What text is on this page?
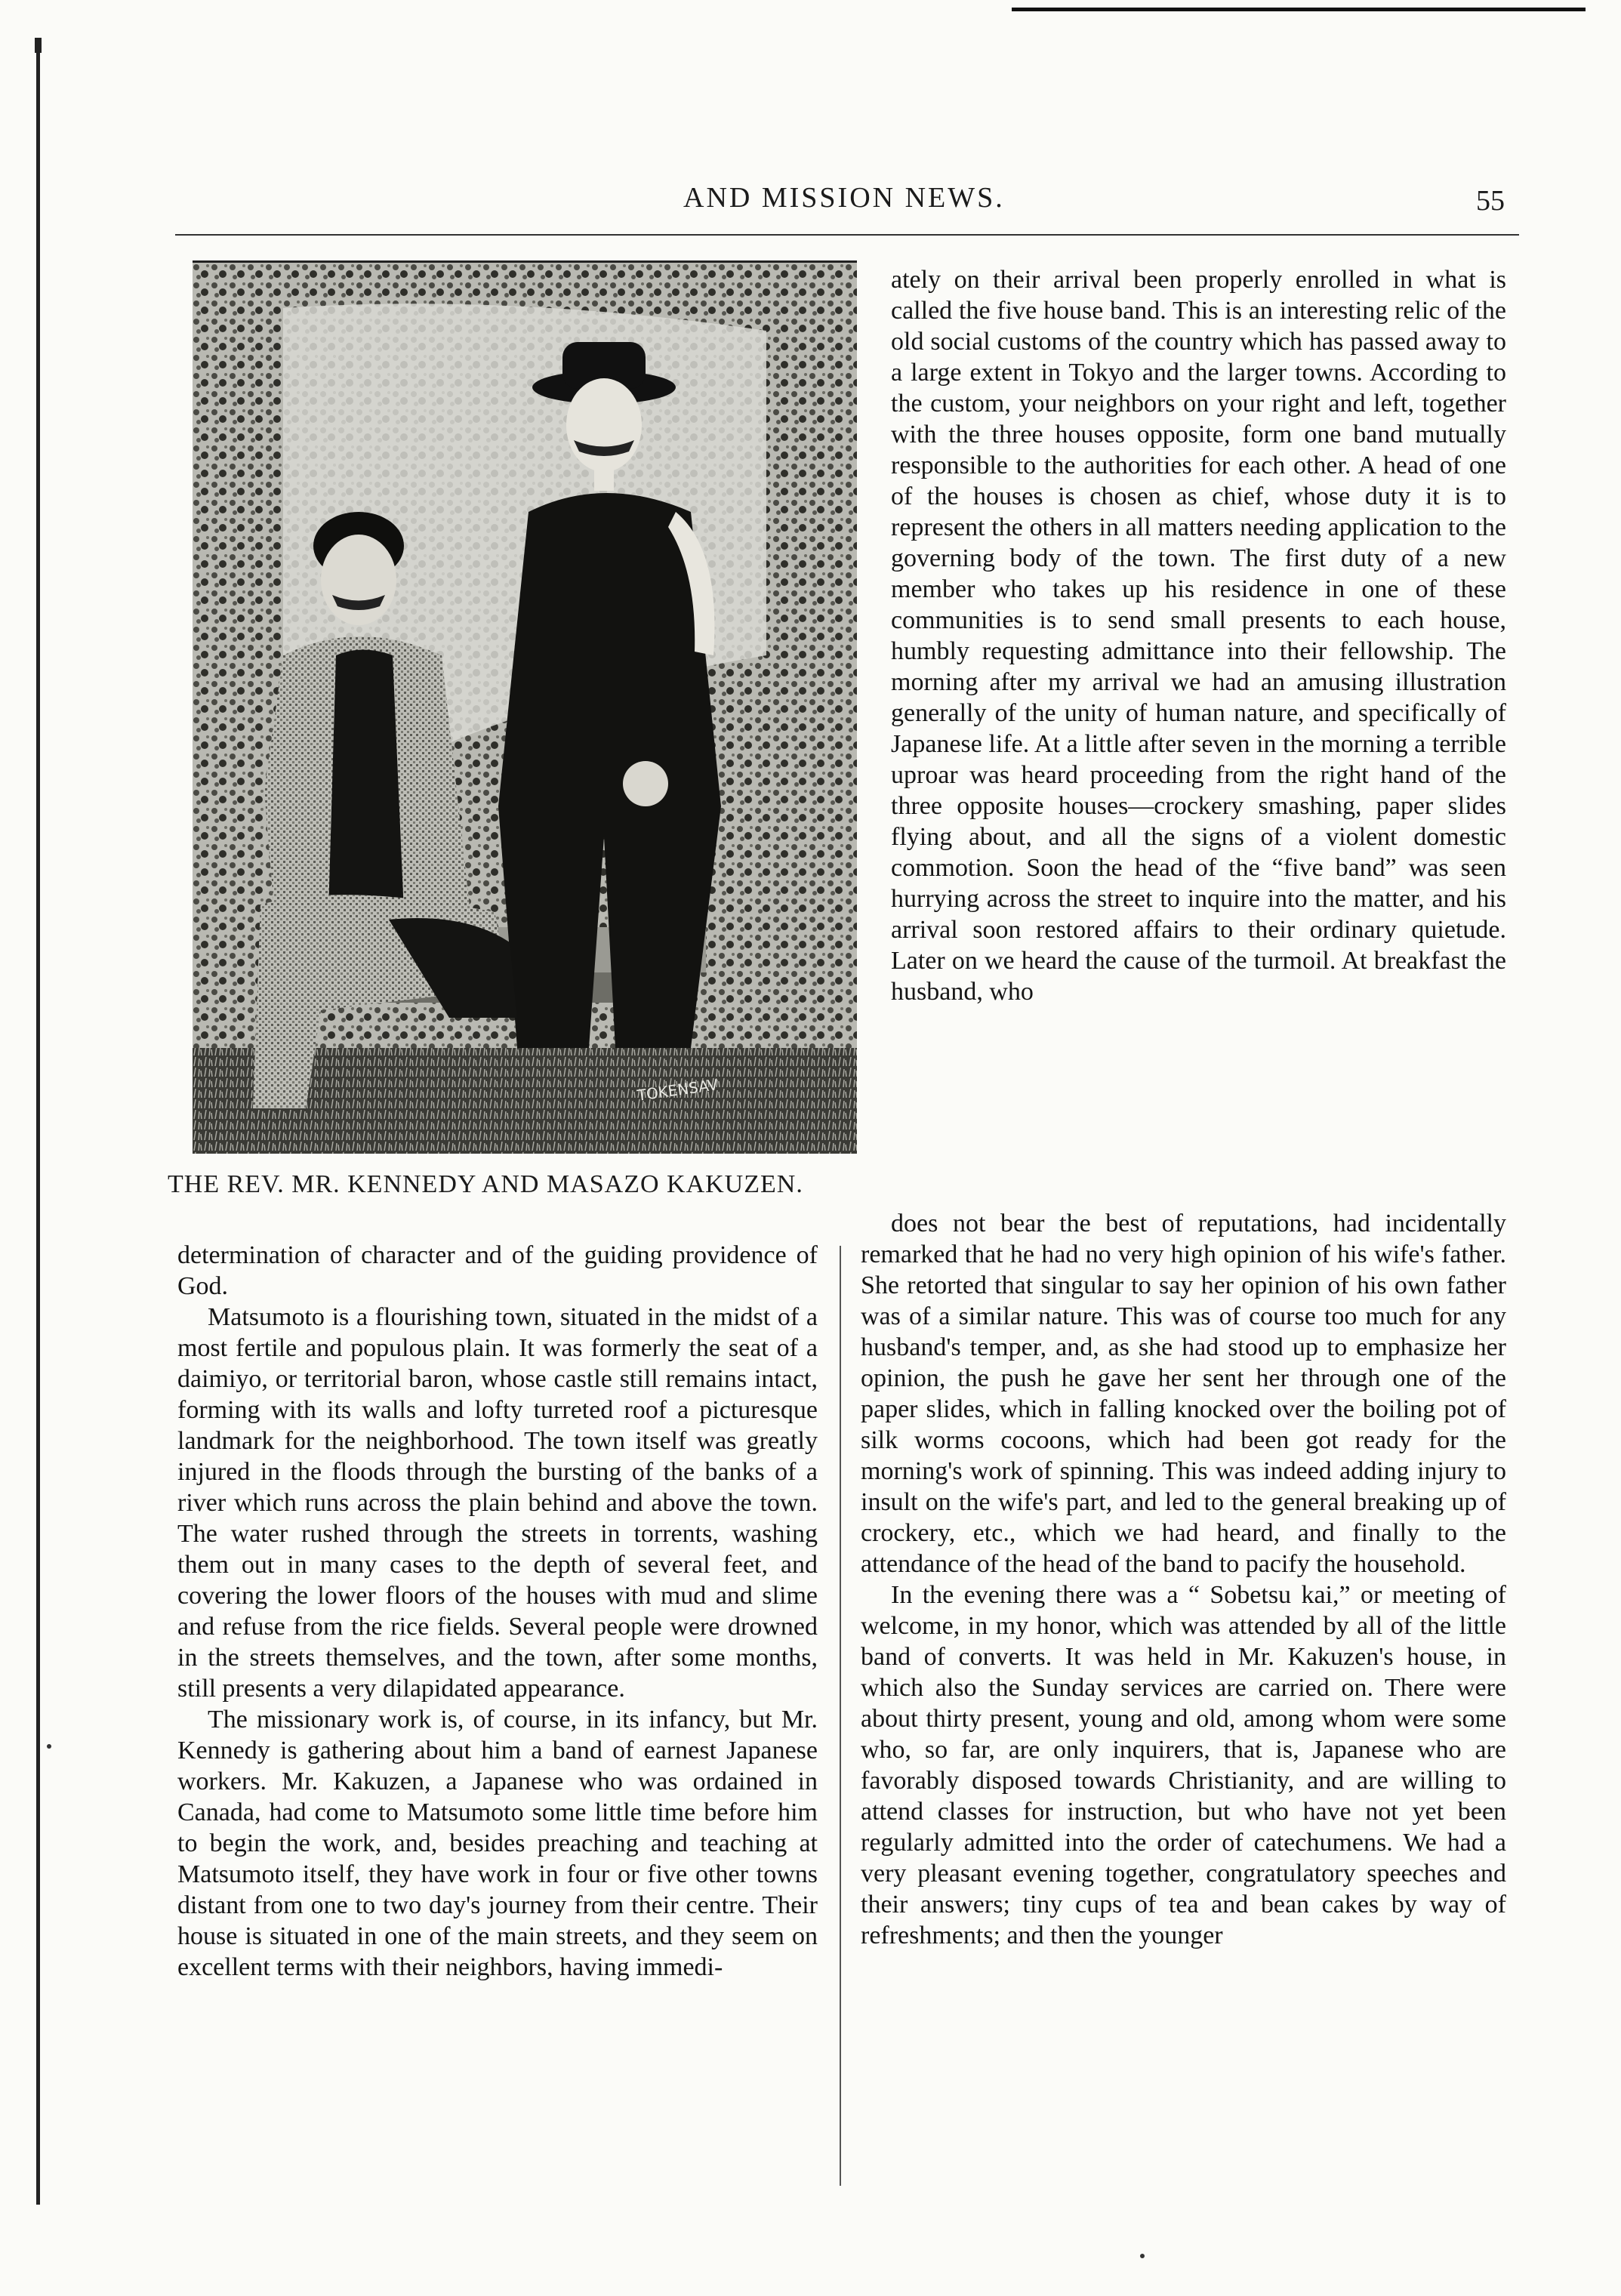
AND MISSION NEWS.	55
TOKENSAV
THE REV. MR. KENNEDY AND MASAZO KAKUZEN.

ately on their arrival been properly enrolled in what is called the five house band. This is an interesting relic of the old social customs of the country which has passed away to a large extent in Tokyo and the larger towns. According to the custom, your neighbors on your right and left, together with the three houses opposite, form one band mutually responsible to the authorities for each other. A head of one of the houses is chosen as chief, whose duty it is to represent the others in all matters needing application to the governing body of the town. The first duty of a new member who takes up his residence in one of these communities is to send small presents to each house, humbly requesting admittance into their fellowship. The morning after my arrival we had an amusing illustration generally of the unity of human nature, and specifically of Japanese life. At a little after seven in the morning a terrible uproar was heard proceeding from the right hand of the three opposite houses—crockery smashing, paper slides flying about, and all the signs of a violent domestic commotion. Soon the head of the “five band” was seen hurrying across the street to inquire into the matter, and his arrival soon restored affairs to their ordinary quietude. Later on we heard the cause of the turmoil. At breakfast the husband, who

determination of character and of the guiding providence of God.

Matsumoto is a flourishing town, situated in the midst of a most fertile and populous plain. It was formerly the seat of a daimiyo, or territorial baron, whose castle still remains intact, forming with its walls and lofty turreted roof a picturesque landmark for the neighborhood. The town itself was greatly injured in the floods through the bursting of the banks of a river which runs across the plain behind and above the town. The water rushed through the streets in torrents, washing them out in many cases to the depth of several feet, and covering the lower floors of the houses with mud and slime and refuse from the rice fields. Several people were drowned in the streets themselves, and the town, after some months, still presents a very dilapidated appearance.

The missionary work is, of course, in its infancy, but Mr. Kennedy is gathering about him a band of earnest Japanese workers. Mr. Kakuzen, a Japanese who was ordained in Canada, had come to Matsumoto some little time before him to begin the work, and, besides preaching and teaching at Matsumoto itself, they have work in four or five other towns distant from one to two day's journey from their centre. Their house is situated in one of the main streets, and they seem on excellent terms with their neighbors, having immedi-

does not bear the best of reputations, had incidentally remarked that he had no very high opinion of his wife's father. She retorted that singular to say her opinion of his own father was of a similar nature. This was of course too much for any husband's temper, and, as she had stood up to emphasize her opinion, the push he gave her sent her through one of the paper slides, which in falling knocked over the boiling pot of silk worms cocoons, which had been got ready for the morning's work of spinning. This was indeed adding injury to insult on the wife's part, and led to the general breaking up of crockery, etc., which we had heard, and finally to the attendance of the head of the band to pacify the household.

In the evening there was a “ Sobetsu kai,” or meeting of welcome, in my honor, which was attended by all of the little band of converts. It was held in Mr. Kakuzen's house, in which also the Sunday services are carried on. There were about thirty present, young and old, among whom were some who, so far, are only inquirers, that is, Japanese who are favorably disposed towards Christianity, and are willing to attend classes for instruction, but who have not yet been regularly admitted into the order of catechumens. We had a very pleasant evening together, congratulatory speeches and their answers; tiny cups of tea and bean cakes by way of refreshments; and then the younger
